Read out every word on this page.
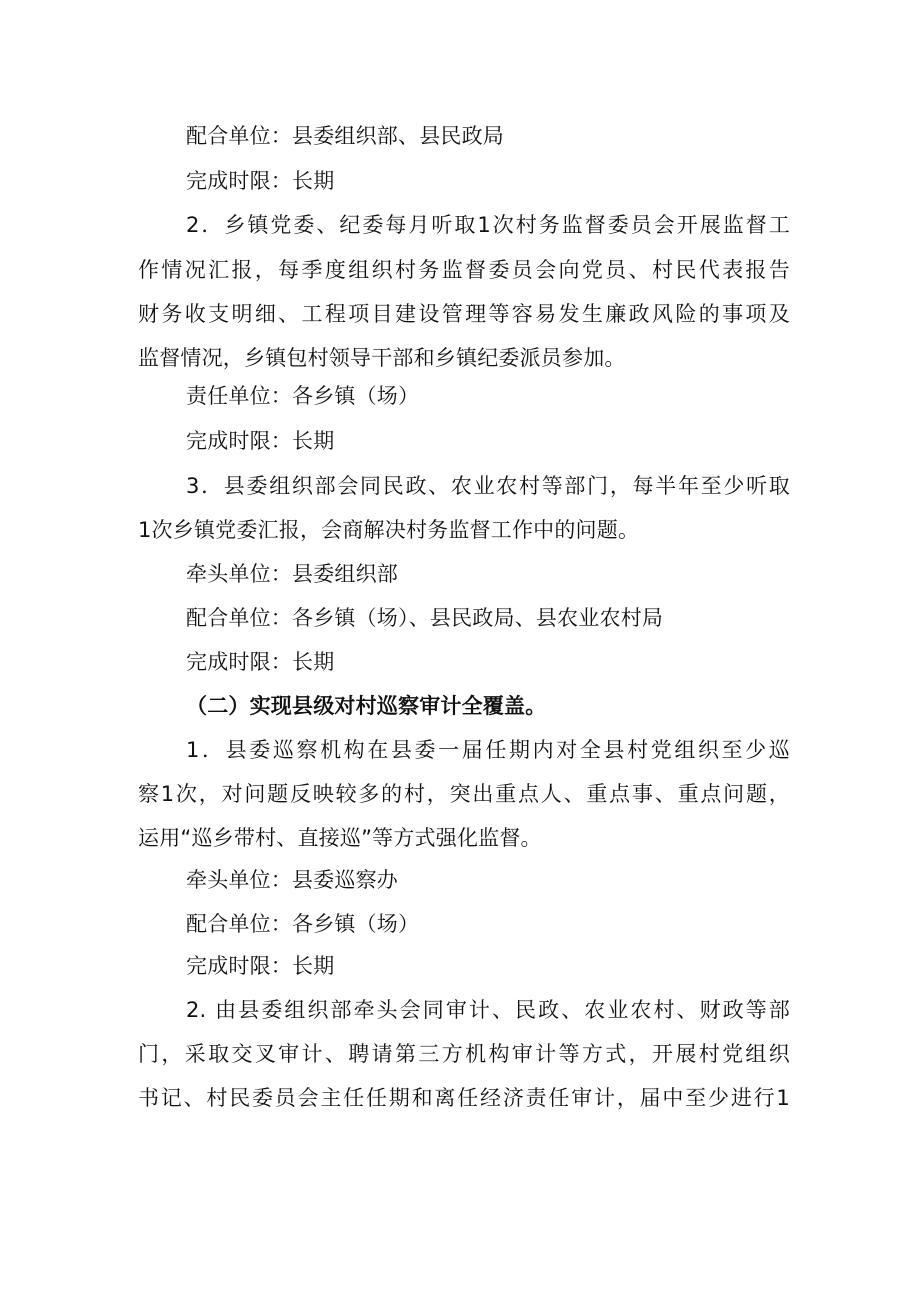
配合单位：县委组织部、县民政局
完成时限：长期
2．乡镇党委、纪委每月听取1次村务监督委员会开展监督工
作情况汇报，每季度组织村务监督委员会向党员、村民代表报告
财务收支明细、工程项目建设管理等容易发生廉政风险的事项及
监督情况，乡镇包村领导干部和乡镇纪委派员参加。
责任单位：各乡镇（场）
完成时限：长期
3．县委组织部会同民政、农业农村等部门，每半年至少听取
1次乡镇党委汇报，会商解决村务监督工作中的问题。
牵头单位：县委组织部
配合单位：各乡镇（场）、县民政局、县农业农村局
完成时限：长期
（二）实现县级对村巡察审计全覆盖。
1．县委巡察机构在县委一届任期内对全县村党组织至少巡
察1次，对问题反映较多的村，突出重点人、重点事、重点问题，
运用“巡乡带村、直接巡”等方式强化监督。
牵头单位：县委巡察办
配合单位：各乡镇（场）
完成时限：长期
2. 由县委组织部牵头会同审计、民政、农业农村、财政等部
门，采取交叉审计、聘请第三方机构审计等方式，开展村党组织
书记、村民委员会主任任期和离任经济责任审计，届中至少进行1
